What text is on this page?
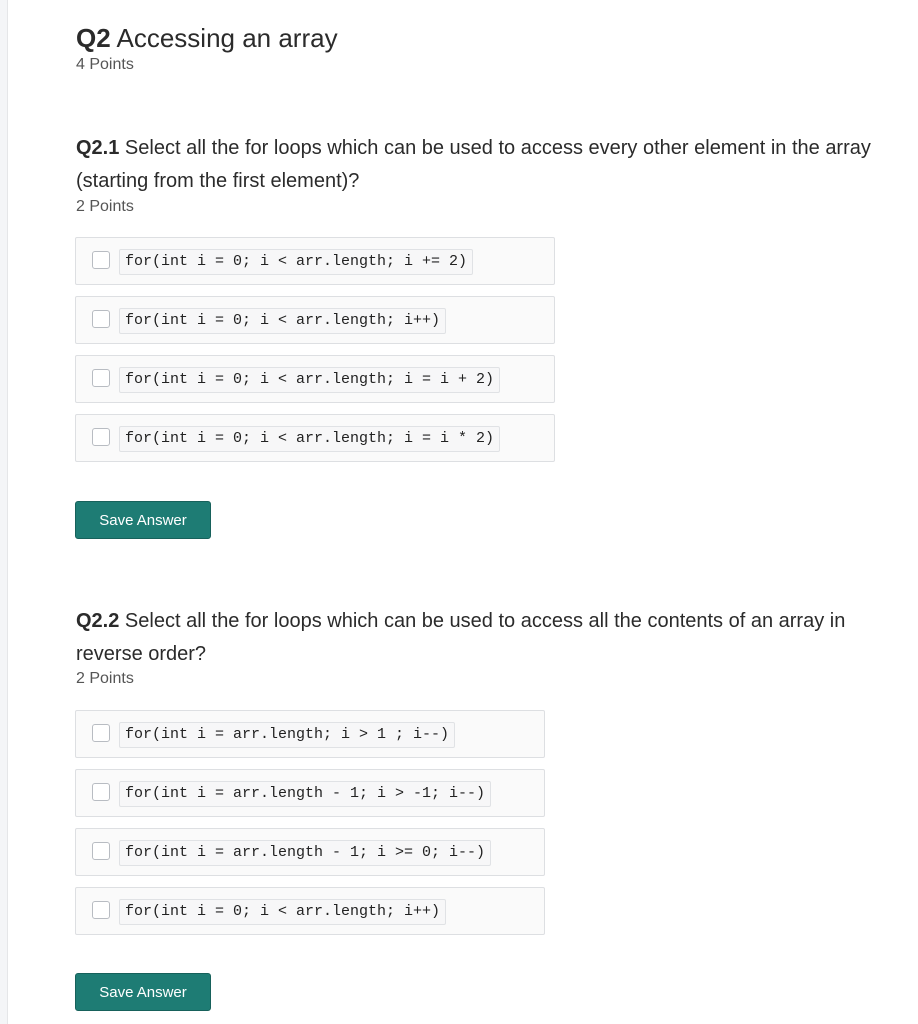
Q2 Accessing an array
4 Points
Q2.1 Select all the for loops which can be used to access every other element in the array (starting from the first element)?
2 Points
for(int i = 0; i < arr.length; i += 2)
for(int i = 0; i < arr.length; i++)
for(int i = 0; i < arr.length; i = i + 2)
for(int i = 0; i < arr.length; i = i * 2)
Save Answer
Q2.2 Select all the for loops which can be used to access all the contents of an array in reverse order?
2 Points
for(int i = arr.length; i > 1 ; i--)
for(int i = arr.length - 1; i > -1; i--)
for(int i = arr.length - 1; i >= 0; i--)
for(int i = 0; i < arr.length; i++)
Save Answer
